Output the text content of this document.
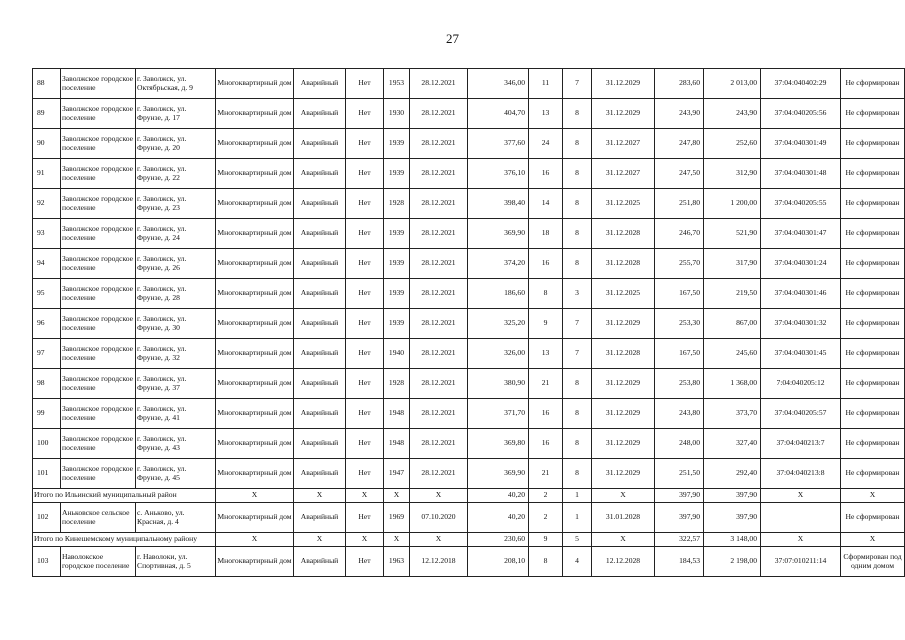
27
88	Заволжское городское поселение	г. Заволжск, ул. Октябрьская, д. 9	Многоквартирный дом	Аварийный	Нет	1953	28.12.2021	346,00	11	7	31.12.2029	283,60	2 013,00	37:04:040402:29	Не сформирован
89	Заволжское городское поселение	г. Заволжск, ул. Фрунзе, д. 17	Многоквартирный дом	Аварийный	Нет	1930	28.12.2021	404,70	13	8	31.12.2029	243,90	243,90	37:04:040205:56	Не сформирован
90	Заволжское городское поселение	г. Заволжск, ул. Фрунзе, д. 20	Многоквартирный дом	Аварийный	Нет	1939	28.12.2021	377,60	24	8	31.12.2027	247,80	252,60	37:04:040301:49	Не сформирован
91	Заволжское городское поселение	г. Заволжск, ул. Фрунзе, д. 22	Многоквартирный дом	Аварийный	Нет	1939	28.12.2021	376,10	16	8	31.12.2027	247,50	312,90	37:04:040301:48	Не сформирован
92	Заволжское городское поселение	г. Заволжск, ул. Фрунзе, д. 23	Многоквартирный дом	Аварийный	Нет	1928	28.12.2021	398,40	14	8	31.12.2025	251,80	1 200,00	37:04:040205:55	Не сформирован
93	Заволжское городское поселение	г. Заволжск, ул. Фрунзе, д. 24	Многоквартирный дом	Аварийный	Нет	1939	28.12.2021	369,90	18	8	31.12.2028	246,70	521,90	37:04:040301:47	Не сформирован
94	Заволжское городское поселение	г. Заволжск, ул. Фрунзе, д. 26	Многоквартирный дом	Аварийный	Нет	1939	28.12.2021	374,20	16	8	31.12.2028	255,70	317,90	37:04:040301:24	Не сформирован
95	Заволжское городское поселение	г. Заволжск, ул. Фрунзе, д. 28	Многоквартирный дом	Аварийный	Нет	1939	28.12.2021	186,60	8	3	31.12.2025	167,50	219,50	37:04:040301:46	Не сформирован
96	Заволжское городское поселение	г. Заволжск, ул. Фрунзе, д. 30	Многоквартирный дом	Аварийный	Нет	1939	28.12.2021	325,20	9	7	31.12.2029	253,30	867,00	37:04:040301:32	Не сформирован
97	Заволжское городское поселение	г. Заволжск, ул. Фрунзе, д. 32	Многоквартирный дом	Аварийный	Нет	1940	28.12.2021	326,00	13	7	31.12.2028	167,50	245,60	37:04:040301:45	Не сформирован
98	Заволжское городское поселение	г. Заволжск, ул. Фрунзе, д. 37	Многоквартирный дом	Аварийный	Нет	1928	28.12.2021	380,90	21	8	31.12.2029	253,80	1 368,00	7:04:040205:12	Не сформирован
99	Заволжское городское поселение	г. Заволжск, ул. Фрунзе, д. 41	Многоквартирный дом	Аварийный	Нет	1948	28.12.2021	371,70	16	8	31.12.2029	243,80	373,70	37:04:040205:57	Не сформирован
100	Заволжское городское поселение	г. Заволжск, ул. Фрунзе, д. 43	Многоквартирный дом	Аварийный	Нет	1948	28.12.2021	369,80	16	8	31.12.2029	248,00	327,40	37:04:040213:7	Не сформирован
101	Заволжское городское поселение	г. Заволжск, ул. Фрунзе, д. 45	Многоквартирный дом	Аварийный	Нет	1947	28.12.2021	369,90	21	8	31.12.2029	251,50	292,40	37:04:040213:8	Не сформирован
Итого по Ильинский муниципальный район			X	X	X	X	X	40,20	2	1	X	397,90	397,90	X	X
102	Аньковское сельское поселение	с. Аньково, ул. Красная, д. 4	Многоквартирный дом	Аварийный	Нет	1969	07.10.2020	40,20	2	1	31.01.2028	397,90	397,90		Не сформирован
Итого по Кинешемскому муниципальному району			X	X	X	X	X	230,60	9	5	X	322,57	3 148,00	X	X
103	Наволокское городское поселение	г. Наволоки, ул. Спортивная, д. 5	Многоквартирный дом	Аварийный	Нет	1963	12.12.2018	208,10	8	4	12.12.2028	184,53	2 198,00	37:07:010211:14	Сформирован под одним домом
